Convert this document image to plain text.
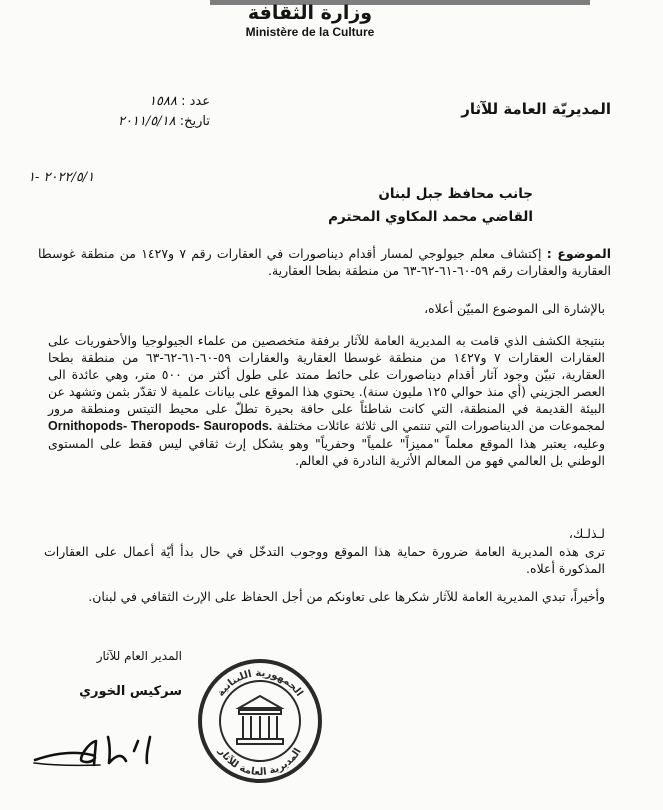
وزارة الثقافة
Ministère de la Culture
المديريّة العامة للآثار
عدد : ١٥٨٨
تاريخ: ٢٠١١/٥/١٨
٢٠٢٢/٥/١ -١
جانب محافظ جبل لبنان
القاضي محمد المكاوي المحترم
الموضوع : إكتشاف معلم جيولوجي لمسار أقدام ديناصورات في العقارات رقم ٧ و١٤٢٧ من منطقة غوسطا العقارية والعقارات رقم ٥٩-٦٠-٦١-٦٢-٦٣ من منطقة بطحا العقارية.
بالإشارة الى الموضوع المبيّن أعلاه،
بنتيجة الكشف الذي قامت به المديرية العامة للآثار برفقة متخصصين من علماء الجيولوجيا والأحفوريات على العقارات العقارات ٧ و١٤٢٧ من منطقة غوسطا العقارية والعقارات ٥٩-٦٠-٦١-٦٢-٦٣ من منطقة بطحا العقارية، تبيّن وجود آثار أقدام ديناصورات على حائط ممتد على طول أكثر من ٥٠٠ متر، وهي عائدة الى العصر الجزيني (أي منذ حوالي ١٢٥ مليون سنة). يحتوي هذا الموقع على بيانات علمية لا تقدّر بثمن وتشهد عن البيئة القديمة في المنطقة، التي كانت شاطئاً على حافة بحيرة تطلّ على محيط التيتس ومنطقة مرور لمجموعات من الديناصورات التي تنتمي الى ثلاثة عائلات مختلفة Ornithopods- Theropods- Sauropods. وعليه، يعتبر هذا الموقع معلماً "مميزاً" علمياً" وحفرياً" وهو يشكل إرث ثقافي ليس فقط على المستوى الوطني بل العالمي فهو من المعالم الأثرية النادرة في العالم.
لـذلـك،
ترى هذه المديرية العامة ضرورة حماية هذا الموقع ووجوب التدخّل في حال بدأ أيّة أعمال على العقارات المذكورة أعلاه.
وأخيراً، تبدي المديرية العامة للآثار شكرها على تعاونكم من أجل الحفاظ على الإرث الثقافي في لبنان.
المدير العام للآثار
سركيس الخوري	الجمهورية اللبنانية
المديرية العامة للآثار
